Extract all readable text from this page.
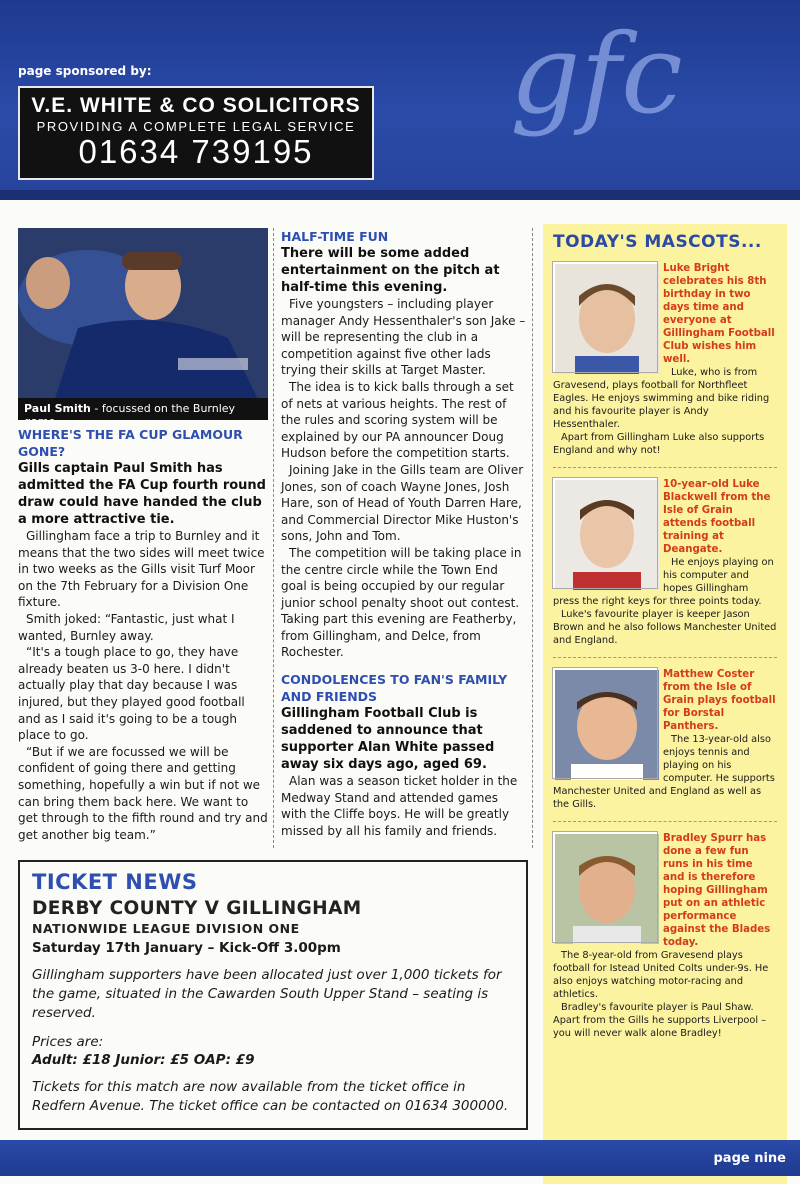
page sponsored by:
V.E. WHITE & CO SOLICITORS
PROVIDING A COMPLETE LEGAL SERVICE
01634 739195
gfc
Paul Smith - focussed on the Burnley game
WHERE'S THE FA CUP GLAMOUR GONE?
Gills captain Paul Smith has admitted the FA Cup fourth round draw could have handed the club a more attractive tie.

Gillingham face a trip to Burnley and it means that the two sides will meet twice in two weeks as the Gills visit Turf Moor on the 7th February for a Division One fixture.

Smith joked: “Fantastic, just what I wanted, Burnley away.

“It's a tough place to go, they have already beaten us 3-0 here. I didn't actually play that day because I was injured, but they played good football and as I said it's going to be a tough place to go.

“But if we are focussed we will be confident of going there and getting something, hopefully a win but if not we can bring them back here. We want to get through to the fifth round and try and get another big team.”

HALF-TIME FUN
There will be some added entertainment on the pitch at half-time this evening.

Five youngsters – including player manager Andy Hessenthaler's son Jake – will be representing the club in a competition against five other lads trying their skills at Target Master.

The idea is to kick balls through a set of nets at various heights. The rest of the rules and scoring system will be explained by our PA announcer Doug Hudson before the competition starts.

Joining Jake in the Gills team are Oliver Jones, son of coach Wayne Jones, Josh Hare, son of Head of Youth Darren Hare, and Commercial Director Mike Huston's sons, John and Tom.

The competition will be taking place in the centre circle while the Town End goal is being occupied by our regular junior school penalty shoot out contest. Taking part this evening are Featherby, from Gillingham, and Delce, from Rochester.

CONDOLENCES TO FAN'S FAMILY AND FRIENDS
Gillingham Football Club is saddened to announce that supporter Alan White passed away six days ago, aged 69.

Alan was a season ticket holder in the Medway Stand and attended games with the Cliffe boys. He will be greatly missed by all his family and friends.

TODAY'S MASCOTS...
Luke Bright celebrates his 8th birthday in two days time and everyone at Gillingham Football Club wishes him well.
Luke, who is from Gravesend, plays football for Northfleet Eagles. He enjoys swimming and bike riding and his favourite player is Andy Hessenthaler.
Apart from Gillingham Luke also supports England and why not!
10-year-old Luke Blackwell from the Isle of Grain attends football training at Deangate.
He enjoys playing on his computer and hopes Gillingham press the right keys for three points today.
Luke's favourite player is keeper Jason Brown and he also follows Manchester United and England.
Matthew Coster from the Isle of Grain plays football for Borstal Panthers.
The 13-year-old also enjoys tennis and playing on his computer. He supports Manchester United and England as well as the Gills.
Bradley Spurr has done a few fun runs in his time and is therefore hoping Gillingham put on an athletic performance against the Blades today.
The 8-year-old from Gravesend plays football for Istead United Colts under-9s. He also enjoys watching motor-racing and athletics.
Bradley's favourite player is Paul Shaw. Apart from the Gills he supports Liverpool – you will never walk alone Bradley!
TICKET NEWS
DERBY COUNTY V GILLINGHAM
NATIONWIDE LEAGUE DIVISION ONE
Saturday 17th January – Kick-Off 3.00pm

Gillingham supporters have been allocated just over 1,000 tickets for the game, situated in the Cawarden South Upper Stand – seating is reserved.

Prices are:

Adult: £18 Junior: £5 OAP: £9

Tickets for this match are now available from the ticket office in Redfern Avenue. The ticket office can be contacted on 01634 300000.

page nine
